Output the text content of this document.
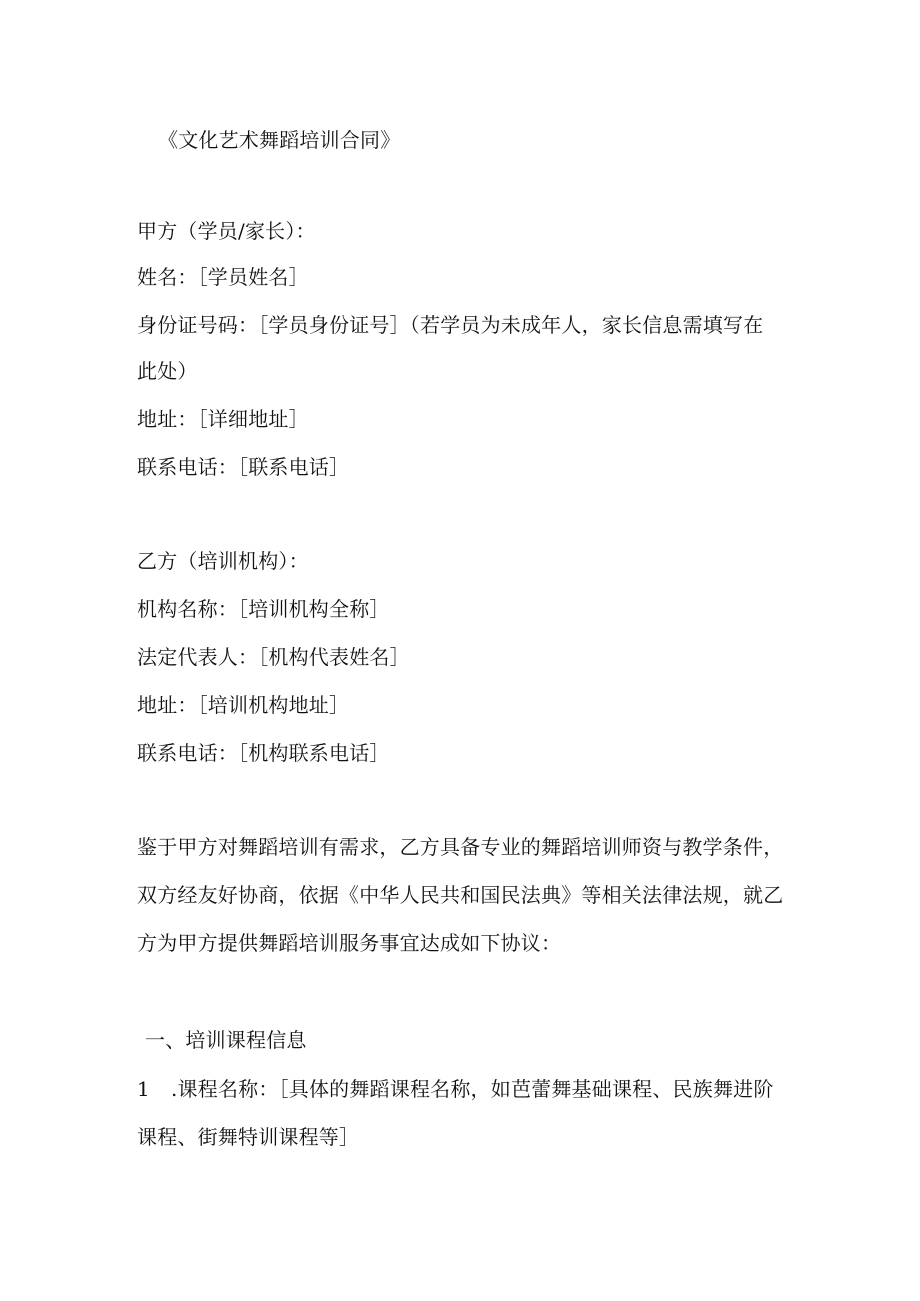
《文化艺术舞蹈培训合同》
甲方（学员/家长）：
姓名：［学员姓名］
身份证号码：［学员身份证号］（若学员为未成年人，家长信息需填写在
此处）
地址：［详细地址］
联系电话：［联系电话］
乙方（培训机构）：
机构名称：［培训机构全称］
法定代表人：［机构代表姓名］
地址：［培训机构地址］
联系电话：［机构联系电话］
鉴于甲方对舞蹈培训有需求，乙方具备专业的舞蹈培训师资与教学条件，
双方经友好协商，依据《中华人民共和国民法典》等相关法律法规，就乙
方为甲方提供舞蹈培训服务事宜达成如下协议：
一、培训课程信息
1 .课程名称：［具体的舞蹈课程名称，如芭蕾舞基础课程、民族舞进阶
课程、街舞特训课程等］
